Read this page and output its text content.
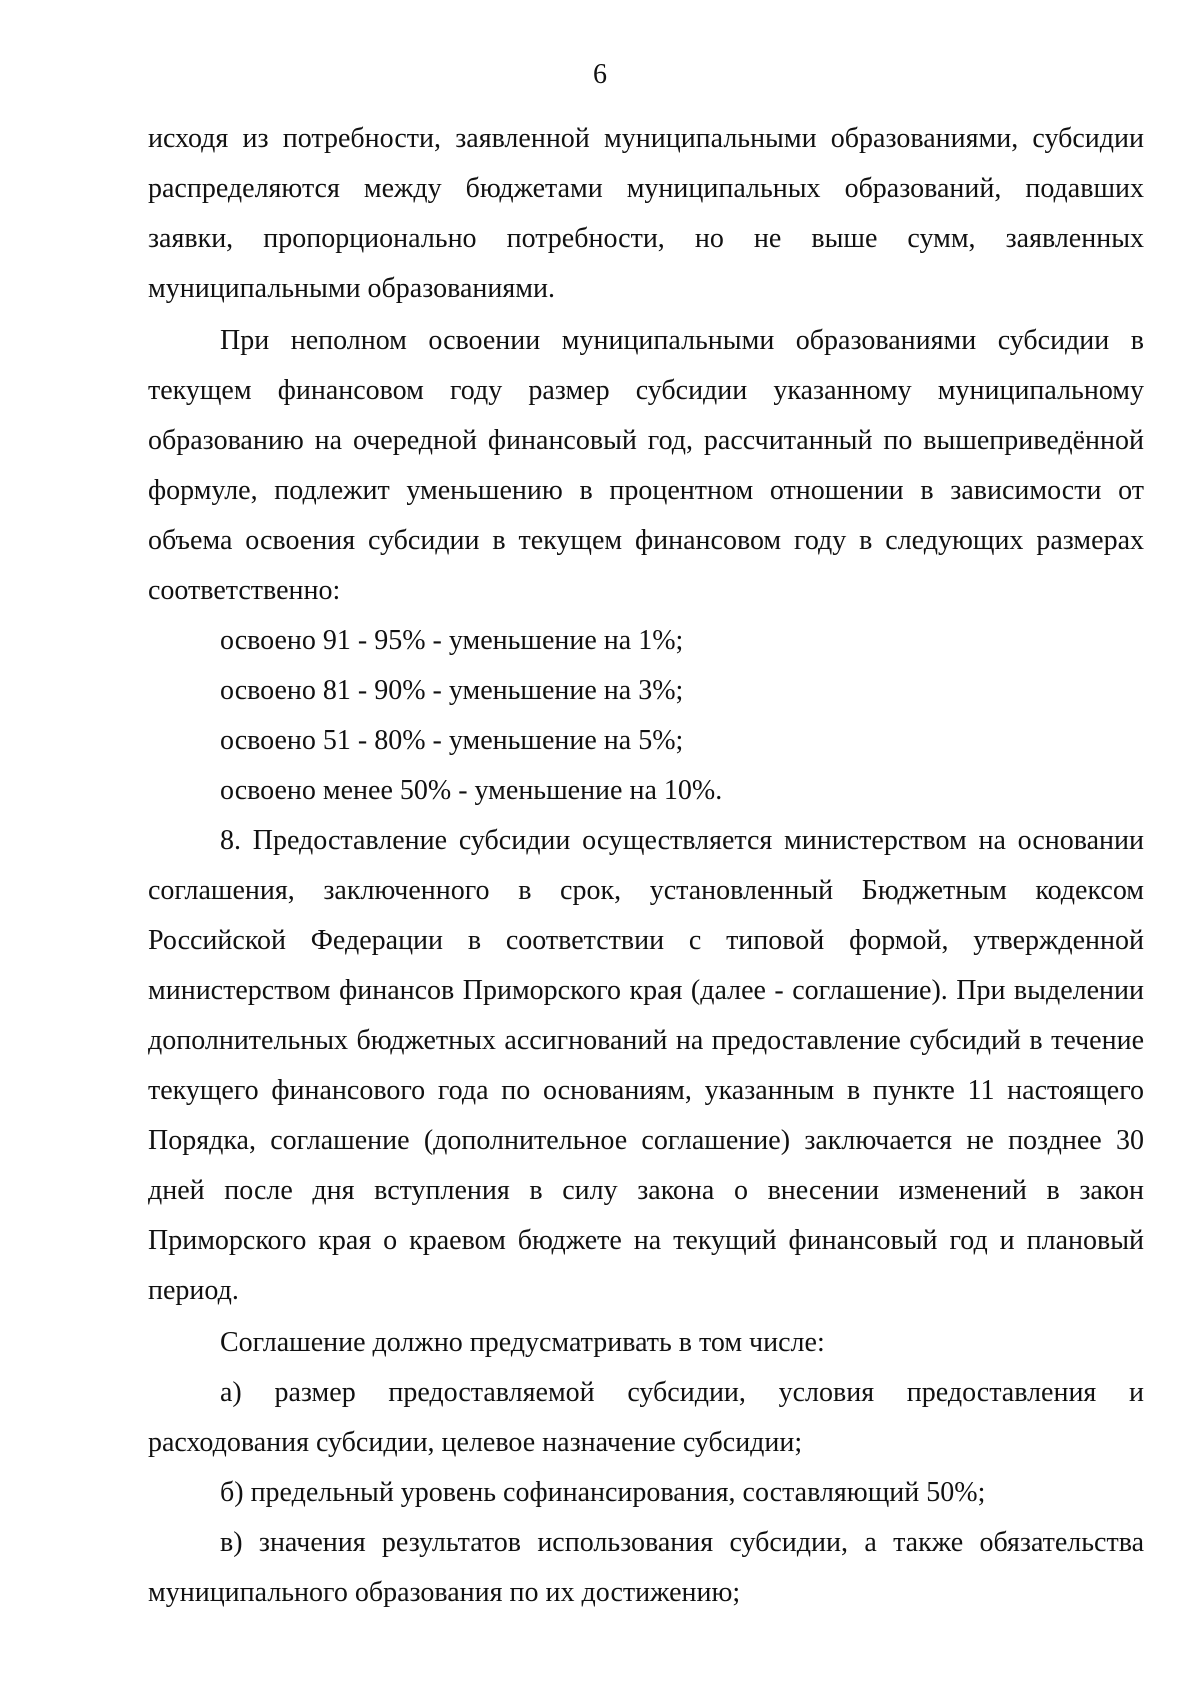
6

исходя из потребности, заявленной муниципальными образованиями, субсидии распределяются между бюджетами муниципальных образований, подавших заявки, пропорционально потребности, но не выше сумм, заявленных муниципальными образованиями.

При неполном освоении муниципальными образованиями субсидии в текущем финансовом году размер субсидии указанному муниципальному образованию на очередной финансовый год, рассчитанный по вышеприведённой формуле, подлежит уменьшению в процентном отношении в зависимости от объема освоения субсидии в текущем финансовом году в следующих размерах соответственно:

освоено 91 - 95% - уменьшение на 1%;

освоено 81 - 90% - уменьшение на 3%;

освоено 51 - 80% - уменьшение на 5%;

освоено менее 50% - уменьшение на 10%.

8. Предоставление субсидии осуществляется министерством на основании соглашения, заключенного в срок, установленный Бюджетным кодексом Российской Федерации в соответствии с типовой формой, утвержденной министерством финансов Приморского края (далее - соглашение). При выделении дополнительных бюджетных ассигнований на предоставление субсидий в течение текущего финансового года по основаниям, указанным в пункте 11 настоящего Порядка, соглашение (дополнительное соглашение) заключается не позднее 30 дней после дня вступления в силу закона о внесении изменений в закон Приморского края о краевом бюджете на текущий финансовый год и плановый период.

Соглашение должно предусматривать в том числе:

а) размер предоставляемой субсидии, условия предоставления и расходования субсидии, целевое назначение субсидии;

б) предельный уровень софинансирования, составляющий 50%;

в) значения результатов использования субсидии, а также обязательства муниципального образования по их достижению;
